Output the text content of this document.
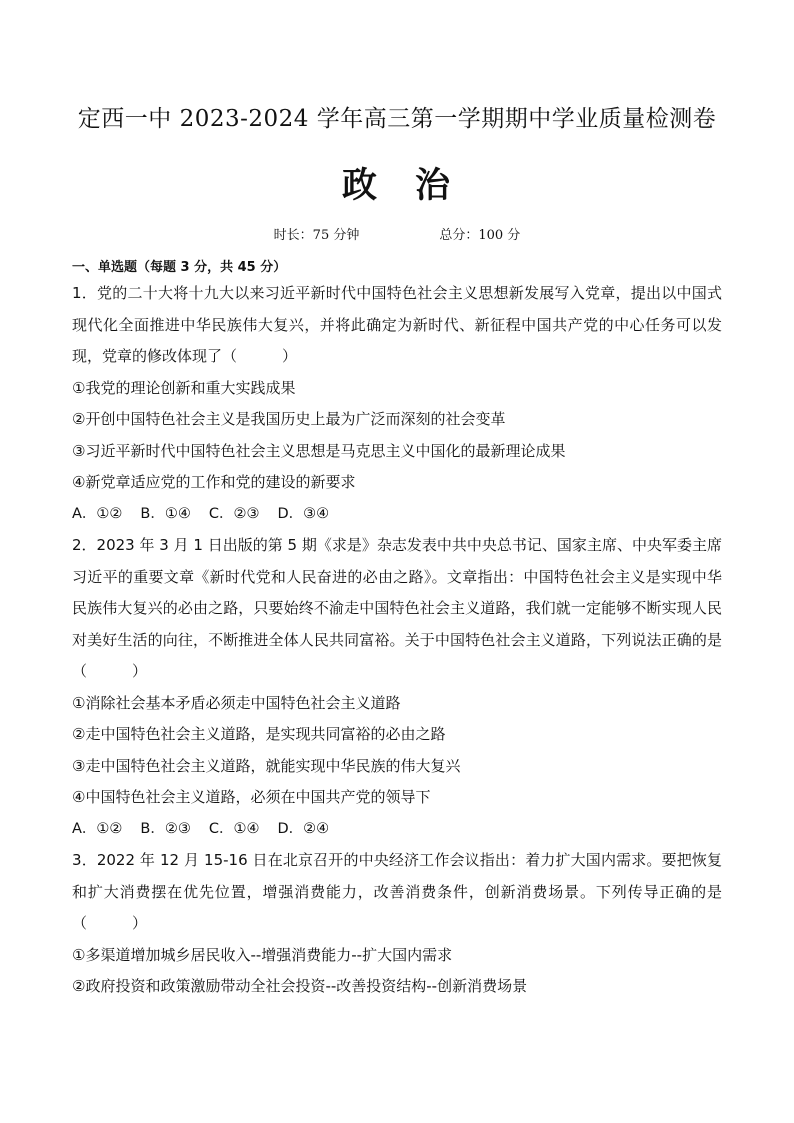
定西一中 2023-2024 学年高三第一学期期中学业质量检测卷
政 治
时长：75 分钟	总分：100 分
一、单选题（每题 3 分，共 45 分）

1．党的二十大将十九大以来习近平新时代中国特色社会主义思想新发展写入党章，提出以中国式现代化全面推进中华民族伟大复兴，并将此确定为新时代、新征程中国共产党的中心任务可以发现，党章的修改体现了（　　　）

①我党的理论创新和重大实践成果

②开创中国特色社会主义是我国历史上最为广泛而深刻的社会变革

③习近平新时代中国特色社会主义思想是马克思主义中国化的最新理论成果

④新党章适应党的工作和党的建设的新要求

A．①② B．①④ C．②③ D．③④

2．2023 年 3 月 1 日出版的第 5 期《求是》杂志发表中共中央总书记、国家主席、中央军委主席习近平的重要文章《新时代党和人民奋进的必由之路》。文章指出：中国特色社会主义是实现中华民族伟大复兴的必由之路，只要始终不渝走中国特色社会主义道路，我们就一定能够不断实现人民对美好生活的向往，不断推进全体人民共同富裕。关于中国特色社会主义道路，下列说法正确的是（　　　）

①消除社会基本矛盾必须走中国特色社会主义道路

②走中国特色社会主义道路，是实现共同富裕的必由之路

③走中国特色社会主义道路，就能实现中华民族的伟大复兴

④中国特色社会主义道路，必须在中国共产党的领导下

A．①② B．②③ C．①④ D．②④

3．2022 年 12 月 15-16 日在北京召开的中央经济工作会议指出：着力扩大国内需求。要把恢复和扩大消费摆在优先位置，增强消费能力，改善消费条件，创新消费场景。下列传导正确的是（　　　）

①多渠道增加城乡居民收入--增强消费能力--扩大国内需求

②政府投资和政策激励带动全社会投资--改善投资结构--创新消费场景
